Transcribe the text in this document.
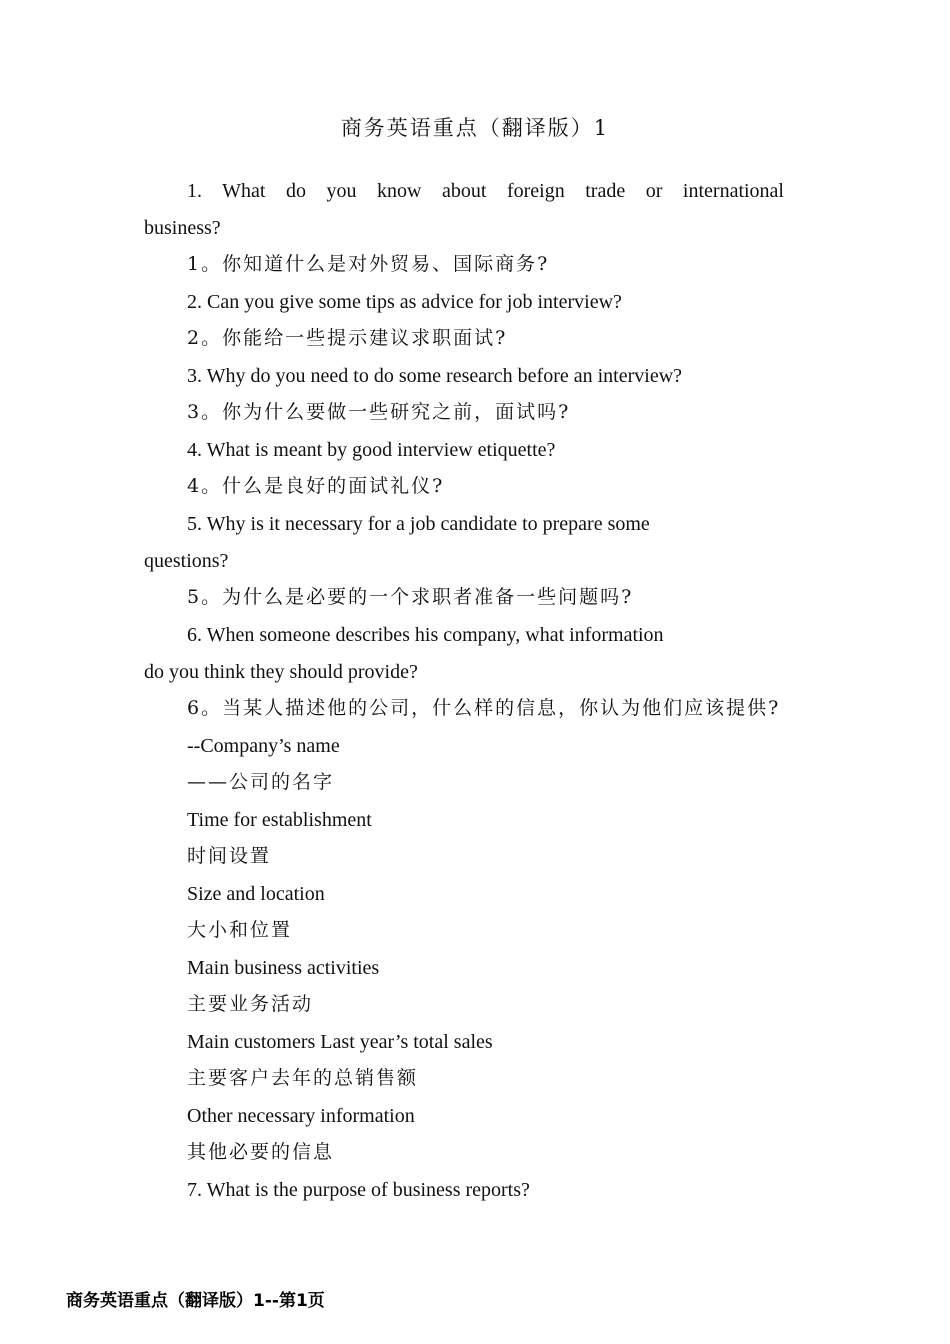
商务英语重点（翻译版）1
1. What do you know about foreign trade or international
business?
1。你知道什么是对外贸易、国际商务?
2. Can you give some tips as advice for job interview?
2。你能给一些提示建议求职面试?
3. Why do you need to do some research before an interview?
3。你为什么要做一些研究之前，面试吗?
4. What is meant by good interview etiquette?
4。什么是良好的面试礼仪?
5. Why is it necessary for a job candidate to prepare some
questions?
5。为什么是必要的一个求职者准备一些问题吗?
6. When someone describes his company, what information
do you think they should provide?
6。当某人描述他的公司，什么样的信息，你认为他们应该提供?
--Company’s name
——公司的名字
Time for establishment
时间设置
Size and location
大小和位置
Main business activities
主要业务活动
Main customers Last year’s total sales
主要客户去年的总销售额
Other necessary information
其他必要的信息
7. What is the purpose of business reports?
商务英语重点（翻译版）1--第1页
